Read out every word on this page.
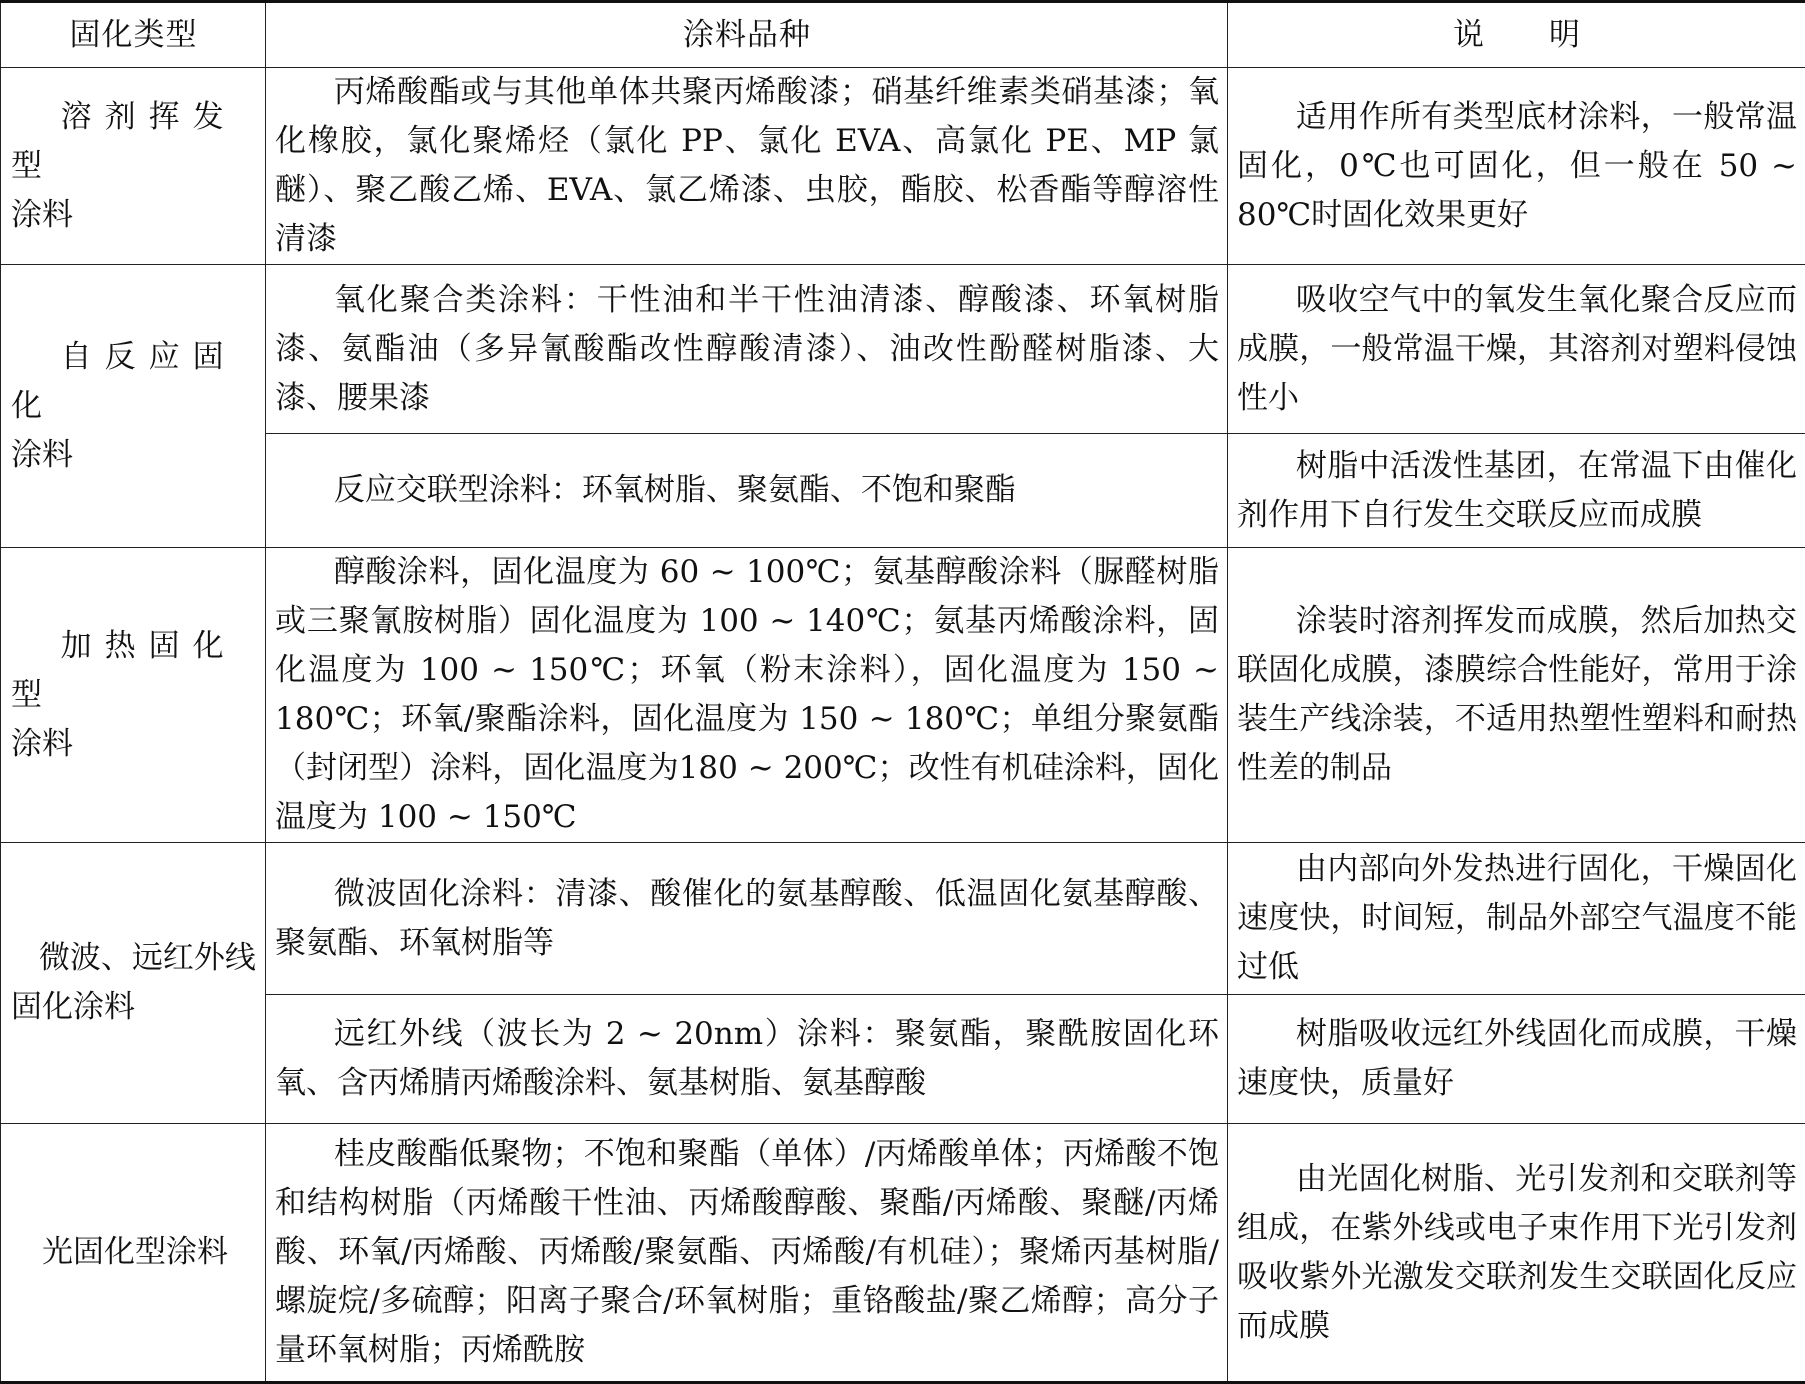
固化类型	涂料品种	说　　明

溶剂挥发型
涂料	丙烯酸酯或与其他单体共聚丙烯酸漆；硝基纤维素类硝基漆；氧化橡胶，氯化聚烯烃（氯化 PP、氯化 EVA、高氯化 PE、MP 氯醚）、聚乙酸乙烯、EVA、氯乙烯漆、虫胶，酯胶、松香酯等醇溶性清漆	适用作所有类型底材涂料，一般常温固化，0℃也可固化，但一般在 50 ~ 80℃时固化效果更好

自反应固化
涂料	氧化聚合类涂料：干性油和半干性油清漆、醇酸漆、环氧树脂漆、氨酯油（多异氰酸酯改性醇酸清漆）、油改性酚醛树脂漆、大漆、腰果漆	吸收空气中的氧发生氧化聚合反应而成膜，一般常温干燥，其溶剂对塑料侵蚀性小
	反应交联型涂料：环氧树脂、聚氨酯、不饱和聚酯	树脂中活泼性基团，在常温下由催化剂作用下自行发生交联反应而成膜

加热固化型
涂料	醇酸涂料，固化温度为 60 ~ 100℃；氨基醇酸涂料（脲醛树脂或三聚氰胺树脂）固化温度为 100 ~ 140℃；氨基丙烯酸涂料，固化温度为 100 ~ 150℃；环氧（粉末涂料），固化温度为 150 ~ 180℃；环氧/聚酯涂料，固化温度为 150 ~ 180℃；单组分聚氨酯（封闭型）涂料，固化温度为180 ~ 200℃；改性有机硅涂料，固化温度为 100 ~ 150℃	涂装时溶剂挥发而成膜，然后加热交联固化成膜，漆膜综合性能好，常用于涂装生产线涂装，不适用热塑性塑料和耐热性差的制品

微波、远红外线
固化涂料	微波固化涂料：清漆、酸催化的氨基醇酸、低温固化氨基醇酸、聚氨酯、环氧树脂等	由内部向外发热进行固化，干燥固化速度快，时间短，制品外部空气温度不能过低
	远红外线（波长为 2 ~ 20nm）涂料：聚氨酯，聚酰胺固化环氧、含丙烯腈丙烯酸涂料、氨基树脂、氨基醇酸	树脂吸收远红外线固化而成膜，干燥速度快，质量好
光固化型涂料	桂皮酸酯低聚物；不饱和聚酯（单体）/丙烯酸单体；丙烯酸不饱和结构树脂（丙烯酸干性油、丙烯酸醇酸、聚酯/丙烯酸、聚醚/丙烯酸、环氧/丙烯酸、丙烯酸/聚氨酯、丙烯酸/有机硅）；聚烯丙基树脂/螺旋烷/多硫醇；阳离子聚合/环氧树脂；重铬酸盐/聚乙烯醇；高分子量环氧树脂；丙烯酰胺	由光固化树脂、光引发剂和交联剂等组成，在紫外线或电子束作用下光引发剂吸收紫外光激发交联剂发生交联固化反应而成膜
